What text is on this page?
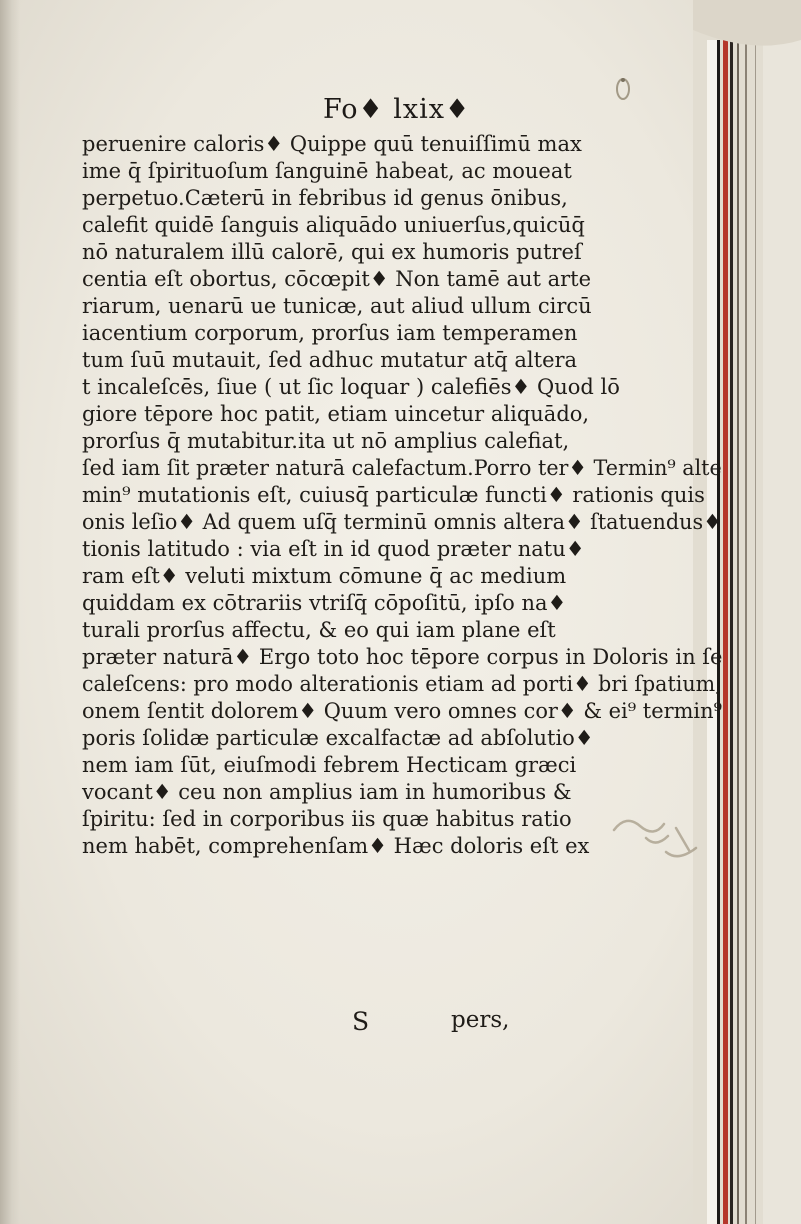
Fo♦ lxix♦
peruenire caloris♦ Quippe quū tenuiſſimū max
ime q̄ ſpirituoſum ſanguinē habeat, ac moueat
perpetuo.Cæterū in febribus id genus ōnibus,
calefit quidē ſanguis aliquādo uniuerſus,quicūq̄
nō naturalem illū calorē, qui ex humoris putreſ
centia eſt obortus, cōcœpit♦ Non tamē aut arte
riarum, uenarū ue tunicæ, aut aliud ullum circū
iacentium corporum, prorſus iam temperamen
tum ſuū mutauit, ſed adhuc mutatur atq̄ altera
t incaleſcēs, ſiue ( ut ſic loquar ) calefiēs♦ Quod lō
giore tēpore hoc patit, etiam uincetur aliquādo,
prorſus q̄ mutabitur.ita ut nō amplius calefiat,
ſed iam ſit præter naturā calefactum.Porro ter♦ Termin⁹ alte
min⁹ mutationis eſt, cuiusq̄ particulæ functi♦ rationis quis
onis leſio♦ Ad quem uſq̄ terminū omnis altera♦ ſtatuendus♦
tionis latitudo : via eſt in id quod præter natu♦
ram eſt♦ veluti mixtum cōmune q̄ ac medium
quiddam ex cōtrariis vtriſq̄ cōpoſitū, ipſo na♦
turali prorſus affectu, & eo qui iam plane eſt
præter naturā♦ Ergo toto hoc tēpore corpus in Doloris in ſe
caleſcens: pro modo alterationis etiam ad porti♦ bri ſpatium,
onem ſentit dolorem♦ Quum vero omnes cor♦ & ei⁹ termin⁹
poris ſolidæ particulæ excalfactæ ad abſolutio♦
nem iam ſūt, eiuſmodi febrem Hecticam græci
vocant♦ ceu non amplius iam in humoribus &
ſpiritu: ſed in corporibus iis quæ habitus ratio
nem habēt, comprehenſam♦ Hæc doloris eſt ex
S	pers,
